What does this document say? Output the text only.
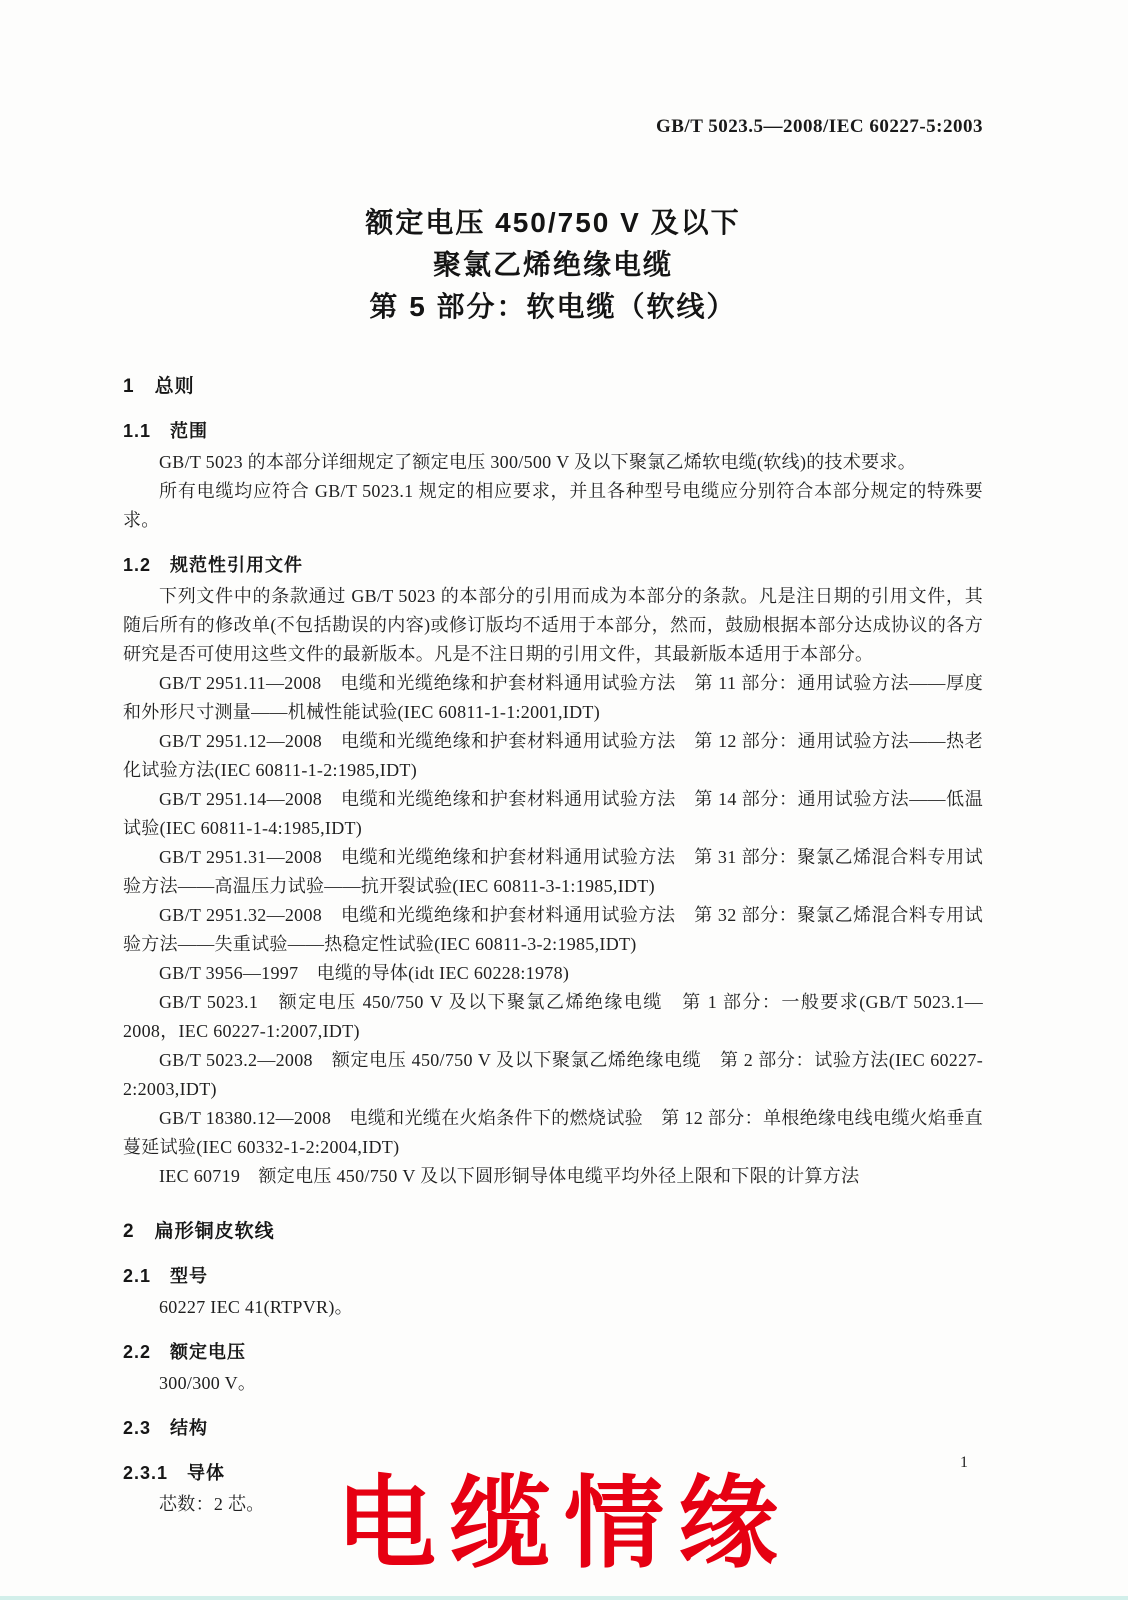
GB/T 5023.5—2008/IEC 60227-5:2003
额定电压 450/750 V 及以下
聚氯乙烯绝缘电缆
第 5 部分：软电缆（软线）
1　总则
1.1　范围

GB/T 5023 的本部分详细规定了额定电压 300/500 V 及以下聚氯乙烯软电缆(软线)的技术要求。

所有电缆均应符合 GB/T 5023.1 规定的相应要求，并且各种型号电缆应分别符合本部分规定的特殊要求。

1.2　规范性引用文件

下列文件中的条款通过 GB/T 5023 的本部分的引用而成为本部分的条款。凡是注日期的引用文件，其随后所有的修改单(不包括勘误的内容)或修订版均不适用于本部分，然而，鼓励根据本部分达成协议的各方研究是否可使用这些文件的最新版本。凡是不注日期的引用文件，其最新版本适用于本部分。

GB/T 2951.11—2008　电缆和光缆绝缘和护套材料通用试验方法　第 11 部分：通用试验方法——厚度和外形尺寸测量——机械性能试验(IEC 60811-1-1:2001,IDT)

GB/T 2951.12—2008　电缆和光缆绝缘和护套材料通用试验方法　第 12 部分：通用试验方法——热老化试验方法(IEC 60811-1-2:1985,IDT)

GB/T 2951.14—2008　电缆和光缆绝缘和护套材料通用试验方法　第 14 部分：通用试验方法——低温试验(IEC 60811-1-4:1985,IDT)

GB/T 2951.31—2008　电缆和光缆绝缘和护套材料通用试验方法　第 31 部分：聚氯乙烯混合料专用试验方法——高温压力试验——抗开裂试验(IEC 60811-3-1:1985,IDT)

GB/T 2951.32—2008　电缆和光缆绝缘和护套材料通用试验方法　第 32 部分：聚氯乙烯混合料专用试验方法——失重试验——热稳定性试验(IEC 60811-3-2:1985,IDT)

GB/T 3956—1997　电缆的导体(idt IEC 60228:1978)

GB/T 5023.1　额定电压 450/750 V 及以下聚氯乙烯绝缘电缆　第 1 部分：一般要求(GB/T 5023.1—2008，IEC 60227-1:2007,IDT)

GB/T 5023.2—2008　额定电压 450/750 V 及以下聚氯乙烯绝缘电缆　第 2 部分：试验方法(IEC 60227-2:2003,IDT)

GB/T 18380.12—2008　电缆和光缆在火焰条件下的燃烧试验　第 12 部分：单根绝缘电线电缆火焰垂直蔓延试验(IEC 60332-1-2:2004,IDT)

IEC 60719　额定电压 450/750 V 及以下圆形铜导体电缆平均外径上限和下限的计算方法

2　扁形铜皮软线
2.1　型号

60227 IEC 41(RTPVR)。

2.2　额定电压

300/300 V。

2.3　结构
2.3.1　导体

芯数：2 芯。

1
电缆情缘
